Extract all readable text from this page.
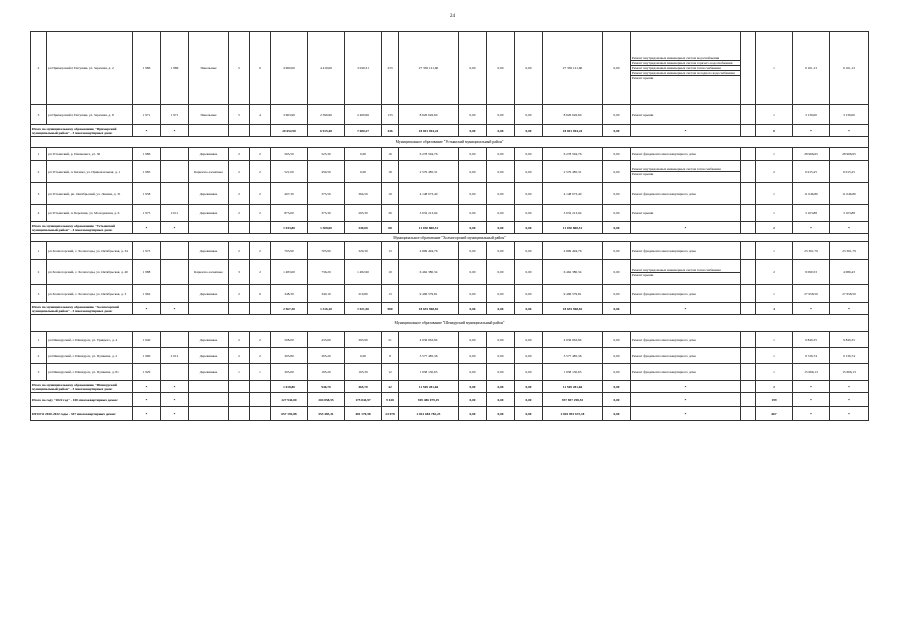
24
2	рп Приморский п Петушки, ул. Заречная, д. 2	1 986	1 986	Панельные	5	6	4 960,00	4 419,06	3 049,31	233	27 336 121,60	0,00	0,00	0,00	27 336 121,60	0,00	Ремонт внутридомовых инженерных систем водоснабжения
Ремонт внутридомовых инженерных систем горячего водоснабжения
Ремонт внутридомовых инженерных систем теплоснабжения
Ремонт внутридомовых инженерных систем холодного водоснабжения
Ремонт крыши		1	6 161,13	6 161,13	
3	рп Приморский п Петушки, ул. Заречная, д. 8	1 971	1 971	Панельные	5	4	3 663,90	2 396,96	2 469,96	133	8 626 026,60	0,00	0,00	0,00	8 626 026,60	0,00	Ремонт крыши		1	3 139,00	3 139,00	
Итого по муниципальному образованию "Приморский муниципальный район" - 3 многоквартирных дома:		*	*				20 652,90	6 915,48	7 680,27	446	18 691 904,24	0,00	0,00	0,00	18 691 904,24	0,00	*		0	*	*	
Муниципальное образование "Устьянский муниципальный район"																						
1	рп Устьянский, р. Пакшеньга, ул. 36	1 986		Деревянные	2	2	563,50	523,30	0,00	16	6 278 594,76	0,00	0,00	0,00	6 278 594,76	0,00	Ремонт фундамента многоквартирного дома		1	28 966,65	28 966,65	
2	рп Устьянский, п. Кизема, ул. Привокзальная, д. 1	1 985		Каркасно-засыпные	2	2	521,00	459,50	0,00	18	2 576 485,31	0,00	0,00	0,00	2 576 485,31	0,00	Ремонт внутридомовых инженерных систем теплоснабжения
Ремонт крыши		2	6 915,25	6 915,25	
3	рп Устьянский, рп. Октябрьский, ул. Ленина, д. 31	1 958		Деревянные	2	2	407,30	373,50	364,50	19	4 148 073,40	0,00	0,00	0,00	4 148 073,40	0,00	Ремонт фундамента многоквартирного дома		1	11 046,80	11 046,80	
4	рп Устьянский, п. Березник, ул. Молодежная, д. 6	1 975	2 011	Деревянные	2	2	873,60	373,30	293,30	36	3 032 213,94	0,00	0,00	0,00	3 032 213,94	0,00	Ремонт крыши		1	3 103,88	3 103,88	
Итого по муниципальному образованию "Устьянский муниципальный район" - 4 многоквартирных дома:		*	*				1 943,80	1 308,00	349,00	88	11 030 868,51	0,00	0,00	0,00	11 030 868,51	0,00	*		2	*	*	
Муниципальное образование "Холмогорский муниципальный район"																						
1	рп Холмогорский, с. Холмогоры, ул. Октябрьская, д. 34	1 973		Деревянные	2	2	703,90	703,90	329,30	13	4 809 494,76	0,00	0,00	0,00	4 809 494,76	0,00	Ремонт фундамента многоквартирного дома		1	23 361,79	23 361,79	
2	рп Холмогорский, с. Холмогоры, ул. Октябрьская, д. 40	1 988		Каркасно-засыпные	3	2	1 483,00	736,20	1 482,90	19	6 462 380,34	0,00	0,00	0,00	6 462 380,34	0,00	Ремонт внутридомовых инженерных систем теплоснабжения
Ремонт крыши		2	9 090,53	4 086,43	
3	рп Холмогорский, с. Холмогоры, ул. Октябрьская, д. 3	1 962		Деревянные	2	6	348,30	340,10	219,80	13	9 406 579,81	0,00	0,00	0,00	9 406 579,81	0,00	Ремонт фундамента многоквартирного дома		1	27 658,50	27 658,50	
Итого по муниципальному образованию "Холмогорский муниципальный район" - 3 многоквартирных дома:		*	*				2 567,30	1 316,10	1 921,50	980	18 635 968,81	0,00	0,00	0,00	18 635 968,81	0,00	*		4	*	*	
Муниципальное образование "Шенкурский муниципальный район"																						
1	рп Шенкурский, г. Шенкурск, ул. Урицкого, д. 4	1 940		Деревянные	2	2	508,00	433,60	393,90	21	4 936 663,84	0,00	0,00	0,00	4 936 663,84	0,00	Ремонт фундамента многоквартирного дома		1	9 840,35	9 840,35	
2	рп Шенкурский, г. Шенкурск, ул. Пушкина, д. 2	1 990	2 012	Деревянные	2	2	303,80	303,20	0,00	8	3 577 485,36	0,00	0,00	0,00	3 577 485,36	0,00	Ремонт фундамента многоквартирного дома		1	9 726,74	9 136,74	
3	рп Шенкурский, г. Шенкурск, ул. Пушкина, д. 81	1 929		Деревянные	1	1	303,60	195,20	103,30	12	1 958 130,65	0,00	0,00	0,00	1 958 130,65	0,00	Ремонт фундамента многоквартирного дома		1	15 666,13	15 666,13	
Итого по муниципальному образованию "Шенкурский муниципальный район" - 3 многоквартирных дома:		*	*				1 018,80	946,70	465,70	42	11 569 281,66	0,00	0,00	0,00	11 569 281,66	0,00	*		2	*	*	
Итого по году "2022 год" - 100 многоквартирных домов:		*	*				227 944,00	204 858,55	175 844,97	9 618	949 486 079,19	0,00	0,00	0,00	937 857 298,53	0,00	*		199	*	*	
ИТОГО 2020-2022 годы - 337 многоквартирных домов:		*	*				657 192,88	553 483,31	481 170,58	24 078	2 812 684 782,23	0,00	0,00	0,00	2 801 891 672,18	0,00	*		667	*	*	
